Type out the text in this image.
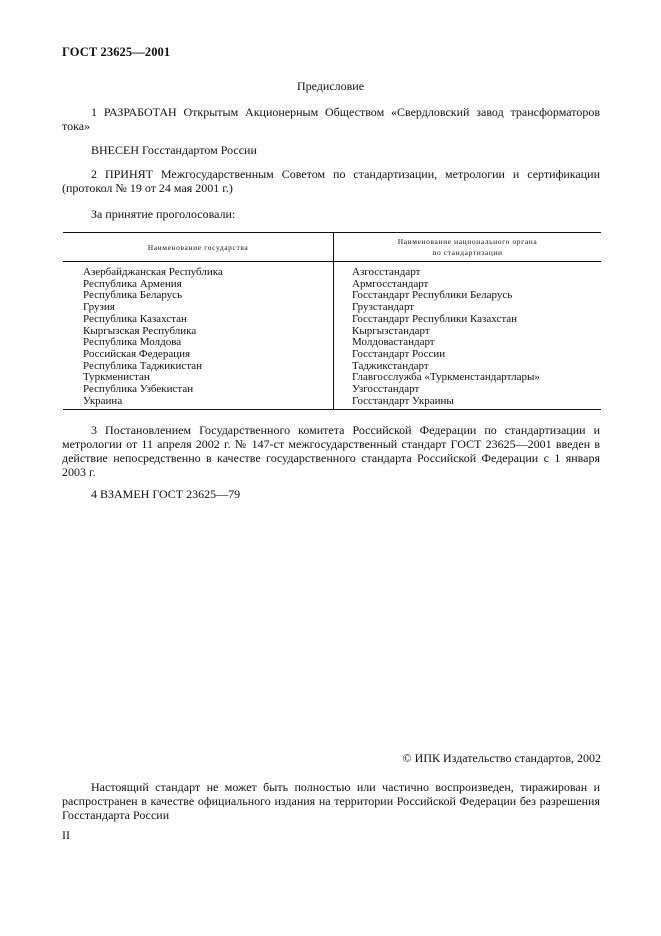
ГОСТ 23625—2001
Предисловие
1 РАЗРАБОТАН Открытым Акционерным Обществом «Свердловский завод трансформаторов тока»
ВНЕСЕН Госстандартом России
2 ПРИНЯТ Межгосударственным Советом по стандартизации, метрологии и сертификации (протокол № 19 от 24 мая 2001 г.)
За принятие проголосовали:
Наименование государства	Наименование национального органа
по стандартизации
Азербайджанская Республика	Азгосстандарт
Республика Армения	Армгосстандарт
Республика Беларусь	Госстандарт Республики Беларусь
Грузия	Грузстандарт
Республика Казахстан	Госстандарт Республики Казахстан
Кыргызская Республика	Кыргызстандарт
Республика Молдова	Молдовастандарт
Российская Федерация	Госстандарт России
Республика Таджикистан	Таджикстандарт
Туркменистан	Главгосслужба «Туркменстандартлары»
Республика Узбекистан	Узгосстандарт
Украина	Госстандарт Украины
3 Постановлением Государственного комитета Российской Федерации по стандартизации и метрологии от 11 апреля 2002 г. № 147-ст межгосударственный стандарт ГОСТ 23625—2001 введен в действие непосредственно в качестве государственного стандарта Российской Федерации с 1 января 2003 г.
4 ВЗАМЕН ГОСТ 23625—79
© ИПК Издательство стандартов, 2002
Настоящий стандарт не может быть полностью или частично воспроизведен, тиражирован и распространен в качестве официального издания на территории Российской Федерации без разрешения Госстандарта России
II
